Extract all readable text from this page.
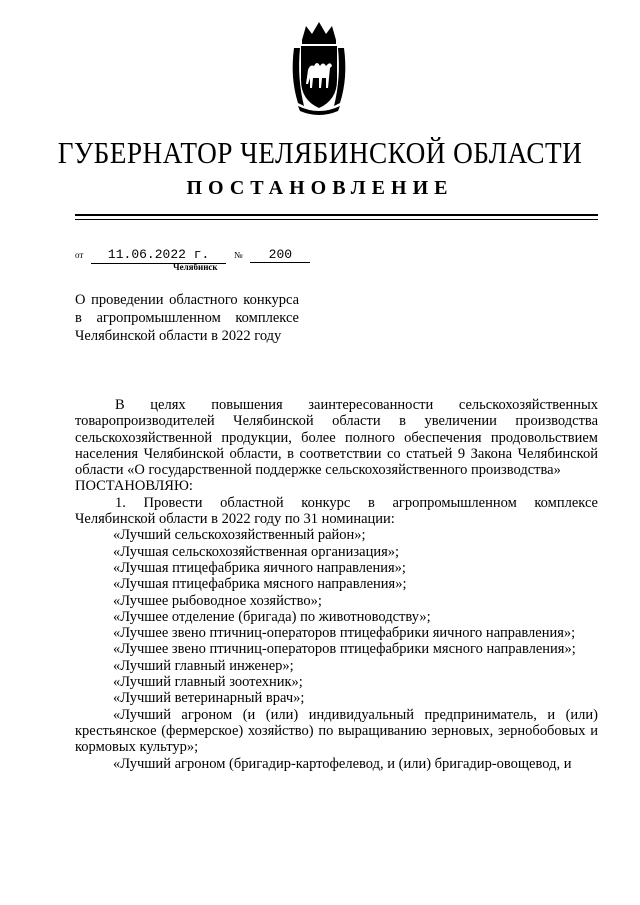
ГУБЕРНАТОР ЧЕЛЯБИНСКОЙ ОБЛАСТИ
ПОСТАНОВЛЕНИЕ
от 11.06.2022 г.	№ 200
Челябинск
О проведении областного конкурса в агропромышленном комплексе Челябинской области в 2022 году

В целях повышения заинтересованности сельскохозяйственных товаропроизводителей Челябинской области в увеличении производства сельскохозяйственной продукции, более полного обеспечения продовольствием населения Челябинской области, в соответствии со статьей 9 Закона Челябинской области «О государственной поддержке сельскохозяйственного производства»

ПОСТАНОВЛЯЮ:

1. Провести областной конкурс в агропромышленном комплексе Челябинской области в 2022 году по 31 номинации:

«Лучший сельскохозяйственный район»;

«Лучшая сельскохозяйственная организация»;

«Лучшая птицефабрика яичного направления»;

«Лучшая птицефабрика мясного направления»;

«Лучшее рыбоводное хозяйство»;

«Лучшее отделение (бригада) по животноводству»;

«Лучшее звено птичниц-операторов птицефабрики яичного направления»;

«Лучшее звено птичниц-операторов птицефабрики мясного направления»;

«Лучший главный инженер»;

«Лучший главный зоотехник»;

«Лучший ветеринарный врач»;

«Лучший агроном (и (или) индивидуальный предприниматель, и (или) крестьянское (фермерское) хозяйство) по выращиванию зерновых, зернобобовых и кормовых культур»;

«Лучший агроном (бригадир-картофелевод, и (или) бригадир-овощевод, и
